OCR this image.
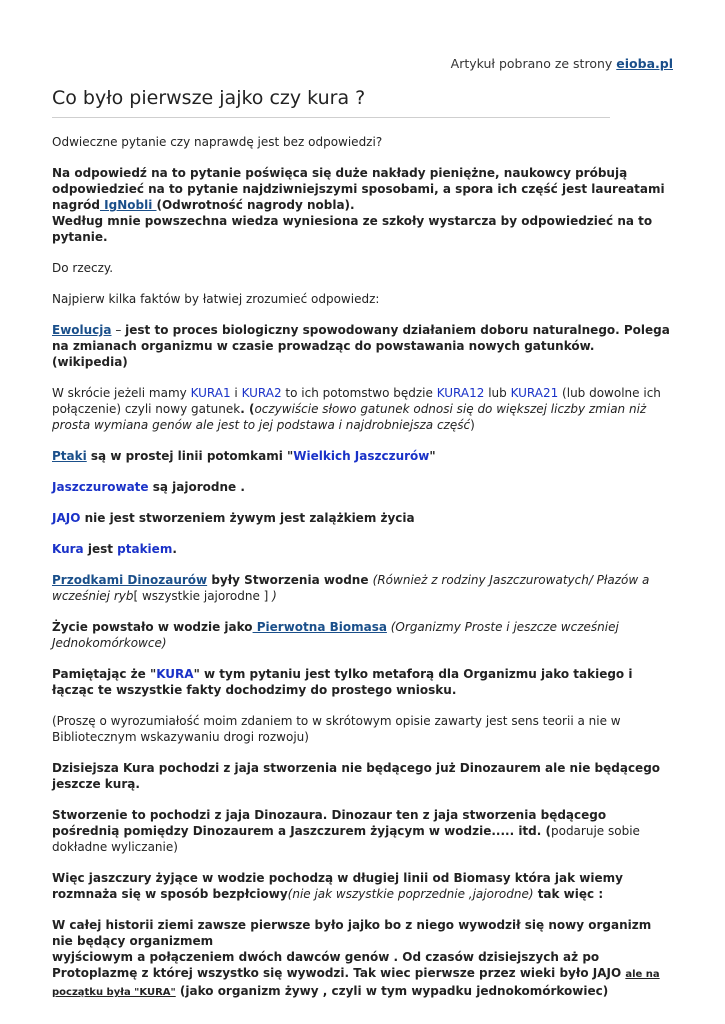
Artykuł pobrano ze strony eioba.pl
Co było pierwsze jajko czy kura ?

Odwieczne pytanie czy naprawdę jest bez odpowiedzi?

Na odpowiedź na to pytanie poświęca się duże nakłady pieniężne, naukowcy próbują odpowiedzieć na to pytanie najdziwniejszymi sposobami, a spora ich część jest laureatami nagród IgNobli (Odwrotność nagrody nobla).
Według mnie powszechna wiedza wyniesiona ze szkoły wystarcza by odpowiedzieć na to pytanie.

Do rzeczy.

Najpierw kilka faktów by łatwiej zrozumieć odpowiedz:

Ewolucja – jest to proces biologiczny spowodowany działaniem doboru naturalnego. Polega na zmianach organizmu w czasie prowadząc do powstawania nowych gatunków. (wikipedia)

W skrócie jeżeli mamy KURA1 i KURA2 to ich potomstwo będzie KURA12 lub KURA21 (lub dowolne ich połączenie) czyli nowy gatunek. (oczywiście słowo gatunek odnosi się do większej liczby zmian niż prosta wymiana genów ale jest to jej podstawa i najdrobniejsza część)

Ptaki są w prostej linii potomkami "Wielkich Jaszczurów"

Jaszczurowate są jajorodne .

JAJO nie jest stworzeniem żywym jest zalążkiem życia

Kura jest ptakiem.

Przodkami Dinozaurów były Stworzenia wodne (Również z rodziny Jaszczurowatych/ Płazów a wcześniej ryb[ wszystkie jajorodne ] )

Życie powstało w wodzie jako Pierwotna Biomasa (Organizmy Proste i jeszcze wcześniej Jednokomórkowce)

Pamiętając że "KURA" w tym pytaniu jest tylko metaforą dla Organizmu jako takiego i łącząc te wszystkie fakty dochodzimy do prostego wniosku.

(Proszę o wyrozumiałość moim zdaniem to w skrótowym opisie zawarty jest sens teorii a nie w Bibliotecznym wskazywaniu drogi rozwoju)

Dzisiejsza Kura pochodzi z jaja stworzenia nie będącego już Dinozaurem ale nie będącego jeszcze kurą.

Stworzenie to pochodzi z jaja Dinozaura. Dinozaur ten z jaja stworzenia będącego pośrednią pomiędzy Dinozaurem a Jaszczurem żyjącym w wodzie..... itd. (podaruje sobie dokładne wyliczanie)

Więc jaszczury żyjące w wodzie pochodzą w długiej linii od Biomasy która jak wiemy rozmnaża się w sposób bezpłciowy(nie jak wszystkie poprzednie ,jajorodne) tak więc :

W całej historii ziemi zawsze pierwsze było jajko bo z niego wywodził się nowy organizm nie będący organizmem
wyjściowym a połączeniem dwóch dawców genów . Od czasów dzisiejszych aż po Protoplazmę z której wszystko się wywodzi. Tak wiec pierwsze przez wieki było JAJO ale na początku była "KURA" (jako organizm żywy , czyli w tym wypadku jednokomórkowiec)
